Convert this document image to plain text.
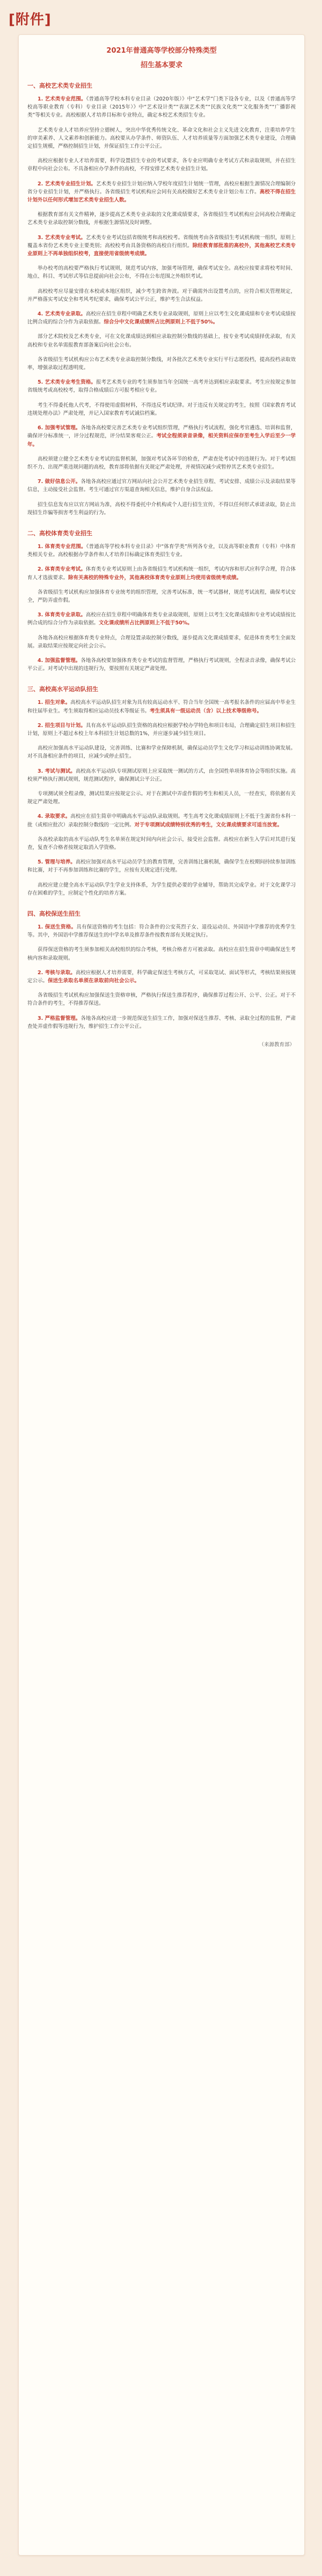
[附件]
2021年普通高等学校部分特殊类型
招生基本要求
一、高校艺术类专业招生

1. 艺术类专业范围。《普通高等学校本科专业目录（2020年版）》中“艺术学”门类下设各专业，以及《普通高等学校高等职业教育（专科）专业目录（2015年）》中“艺术设计类”“表演艺术类”“民族文化类”“文化服务类”“广播影视类”等相关专业。高校根据人才培养目标和专业特点，确定本校艺术类招生专业。

艺术类专业人才培养应坚持立德树人，突出中华优秀传统文化、革命文化和社会主义先进文化教育，注重培养学生的审美素养、人文素养和创新能力。高校要从办学条件、师资队伍、人才培养质量等方面加强艺术类专业建设，合理确定招生规模，严格控制招生计划，并保证招生工作公平公正。

高校应根据专业人才培养需要，科学设置招生专业的考试要求，各专业应明确专业考试方式和录取规则，并在招生章程中向社会公布。不具备相应办学条件的高校，不得安排艺术类专业招生计划。

2. 艺术类专业招生计划。艺术类专业招生计划应纳入学校年度招生计划统一管理，高校应根据生源情况合理编制分省分专业招生计划，并严格执行。各省级招生考试机构应会同有关高校做好艺术类专业计划公布工作。高校不得在招生计划外以任何形式增加艺术类专业招生人数。

根据教育部有关文件精神，逐步提高艺术类专业录取的文化课成绩要求，各省级招生考试机构应会同高校合理确定艺术类专业录取控制分数线，并根据生源情况及时调整。

3. 艺术类专业考试。艺术类专业考试包括省级统考和高校校考。省级统考由各省级招生考试机构统一组织，原则上覆盖本省份艺术类专业主要类别；高校校考由具备资格的高校自行组织。除经教育部批准的高校外，其他高校艺术类专业原则上不再单独组织校考，直接使用省级统考成绩。

举办校考的高校要严格执行考试规则，规范考试内容，加强考场管理，确保考试安全。高校应按要求将校考时间、地点、科目、考试形式等信息提前向社会公布，不得在公布范围之外组织考试。

高校校考应尽量安排在本校或本地区组织，减少考生跨省奔波。对于确需外出设置考点的，应符合相关管理规定，并严格落实考试安全和考风考纪要求，确保考试公平公正，维护考生合法权益。

4. 艺术类专业录取。高校应在招生章程中明确艺术类专业录取规则，原则上应以考生文化课成绩和专业考试成绩按比例合成的综合分作为录取依据。综合分中文化课成绩所占比例原则上不低于50%。

部分艺术院校及艺术类专业，可在文化课成绩达到相应录取控制分数线的基础上，按专业考试成绩择优录取，有关高校和专业名单需报教育部备案后向社会公布。

各省级招生考试机构应公布艺术类专业录取控制分数线，对各批次艺术类专业实行平行志愿投档，提高投档录取效率，增强录取过程透明度。

5. 艺术类专业考生资格。报考艺术类专业的考生须参加当年全国统一高考并达到相应录取要求。考生应按规定参加省级统考或高校校考，取得合格成绩后方可报考相应专业。

考生不得委托他人代考，不得使用虚假材料，不得违反考试纪律。对于违反有关规定的考生，按照《国家教育考试违规处理办法》严肃处理，并记入国家教育考试诚信档案。

6. 加强考试管理。各地各高校要完善艺术类专业考试组织管理，严格执行考试流程，强化考官遴选、培训和监督，确保评分标准统一，评分过程规范，评分结果客观公正。考试全程须录音录像，相关资料应保存至考生入学后至少一学年。

高校须建立健全艺术类专业考试的监督机制，加强对考试各环节的检查，严肃查处考试中的违规行为。对于考试组织不力、出现严重违规问题的高校，教育部将依据有关规定严肃处理，并视情况减少或暂停其艺术类专业招生。

7. 做好信息公开。各地各高校应通过官方网站向社会公开艺术类专业招生章程、考试安排、成绩公示及录取结果等信息，主动接受社会监督。考生可通过官方渠道查询相关信息，维护自身合法权益。

招生信息发布应以官方网站为准，高校不得委托中介机构或个人进行招生宣传，不得以任何形式承诺录取，防止出现招生诈骗等损害考生利益的行为。

二、高校体育类专业招生

1. 体育类专业范围。《普通高等学校本科专业目录》中“体育学类”所列各专业，以及高等职业教育（专科）中体育类相关专业。高校根据办学条件和人才培养目标确定体育类招生专业。

2. 体育类专业考试。体育类专业考试原则上由各省级招生考试机构统一组织，考试内容和形式应科学合理，符合体育人才选拔要求。除有关高校的特殊专业外，其他高校体育类专业原则上均使用省级统考成绩。

各省级招生考试机构应加强体育专业统考的组织管理，完善考试标准，统一考试器材，规范考试流程，确保考试安全，严防弄虚作假。

3. 体育类专业录取。高校应在招生章程中明确体育类专业录取规则，原则上以考生文化课成绩和专业考试成绩按比例合成的综合分作为录取依据。文化课成绩所占比例原则上不低于50%。

各地各高校应根据体育类专业特点，合理设置录取控制分数线，逐步提高文化课成绩要求，促进体育类考生全面发展。录取结果应按规定向社会公示。

4. 加强监督管理。各地各高校要加强体育类专业考试的监督管理，严格执行考试规则，全程录音录像，确保考试公平公正。对考试中出现的违规行为，要按照有关规定严肃处理。

三、高校高水平运动队招生

1. 招生对象。高校高水平运动队招生对象为具有较高运动水平、符合当年全国统一高考报名条件的应届高中毕业生和往届毕业生。考生须取得相应运动员技术等级证书。考生须具有一级运动员（含）以上技术等级称号。

2. 招生项目与计划。具有高水平运动队招生资格的高校应根据学校办学特色和项目布局，合理确定招生项目和招生计划，原则上不超过本校上年本科招生计划总数的1%，并应逐步减少招生项目。

高校应加强高水平运动队建设，完善训练、比赛和学业保障机制，确保运动员学生文化学习和运动训练协调发展。对不具备相应条件的项目，应减少或停止招生。

3. 考试与测试。高校高水平运动队专项测试原则上应采取统一测试的方式，由全国性单项体育协会等组织实施。高校须严格执行测试规则，规范测试程序，确保测试公平公正。

专项测试须全程录像，测试结果应按规定公示。对于在测试中弄虚作假的考生和相关人员，一经查实，将依据有关规定严肃处理。

4. 录取要求。高校应在招生简章中明确高水平运动队录取规则。考生高考文化课成绩原则上不低于生源省份本科一批（或相应批次）录取控制分数线的一定比例。对于专项测试成绩特别优秀的考生，文化课成绩要求可适当放宽。

各高校录取的高水平运动队考生名单须在规定时间内向社会公示，接受社会监督。高校应在新生入学后对其进行复查，复查不合格者按规定取消入学资格。

5. 管理与培养。高校应加强对高水平运动员学生的教育管理，完善训练比赛机制，确保学生在校期间持续参加训练和比赛，对于不再参加训练和比赛的学生，应按有关规定进行处理。

高校应建立健全高水平运动队学生学业支持体系，为学生提供必要的学业辅导，帮助其完成学业。对于文化课学习存在困难的学生，应制定个性化的培养方案。

四、高校保送生招生

1. 保送生资格。具有保送资格的考生包括：符合条件的公安英烈子女、退役运动员、外国语中学推荐的优秀学生等。其中，外国语中学推荐保送生的中学名单及推荐条件按教育部有关规定执行。

获得保送资格的考生须参加相关高校组织的综合考核，考核合格者方可被录取。高校应在招生简章中明确保送生考核内容和录取规则。

2. 考核与录取。高校应根据人才培养需要，科学确定保送生考核方式，可采取笔试、面试等形式，考核结果须按规定公示。保送生录取名单须在录取前向社会公示。

各省级招生考试机构应加强保送生资格审核，严格执行保送生推荐程序，确保推荐过程公开、公平、公正。对于不符合条件的考生，不得推荐保送。

3. 严格监督管理。各地各高校应进一步规范保送生招生工作，加强对保送生推荐、考核、录取全过程的监督，严肃查处弄虚作假等违规行为，维护招生工作公平公正。

（来源教育部）
